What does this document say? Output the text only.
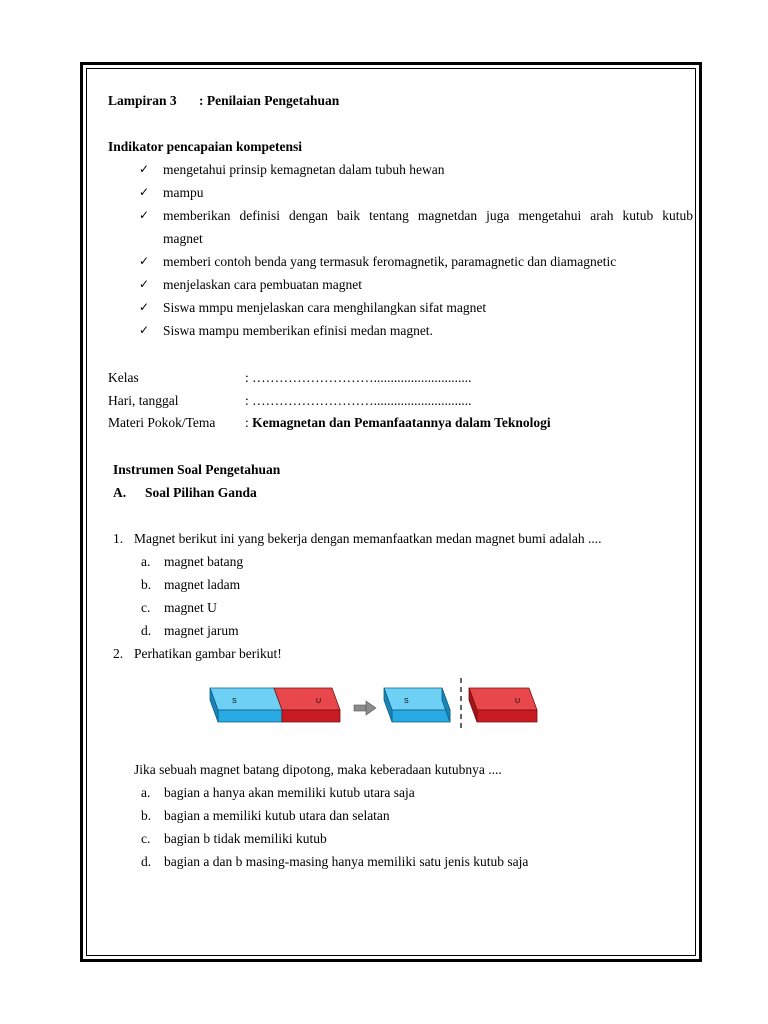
Lampiran 3 : Penilaian Pengetahuan
Indikator pencapaian kompetensi
✓ mengetahui prinsip kemagnetan dalam tubuh hewan
✓ mampu
✓ memberikan definisi dengan baik tentang magnetdan juga mengetahui arah kutub kutub
magnet
✓ memberi contoh benda yang termasuk feromagnetik, paramagnetic dan diamagnetic
✓ menjelaskan cara pembuatan magnet
✓ Siswa mmpu menjelaskan cara menghilangkan sifat magnet
✓ Siswa mampu memberikan efinisi medan magnet.
Kelas	: ……………………….............................
Hari, tanggal	: ……………………….............................
Materi Pokok/Tema : Kemagnetan dan Pemanfaatannya dalam Teknologi
Instrumen Soal Pengetahuan
A. Soal Pilihan Ganda
1. Magnet berikut ini yang bekerja dengan memanfaatkan medan magnet bumi adalah ....
a. magnet batang
b. magnet ladam
c. magnet U
d. magnet jarum
2. Perhatikan gambar berikut!
S	U	S	U
Jika sebuah magnet batang dipotong, maka keberadaan kutubnya ....
a. bagian a hanya akan memiliki kutub utara saja
b. bagian a memiliki kutub utara dan selatan
c. bagian b tidak memiliki kutub
d. bagian a dan b masing-masing hanya memiliki satu jenis kutub saja
